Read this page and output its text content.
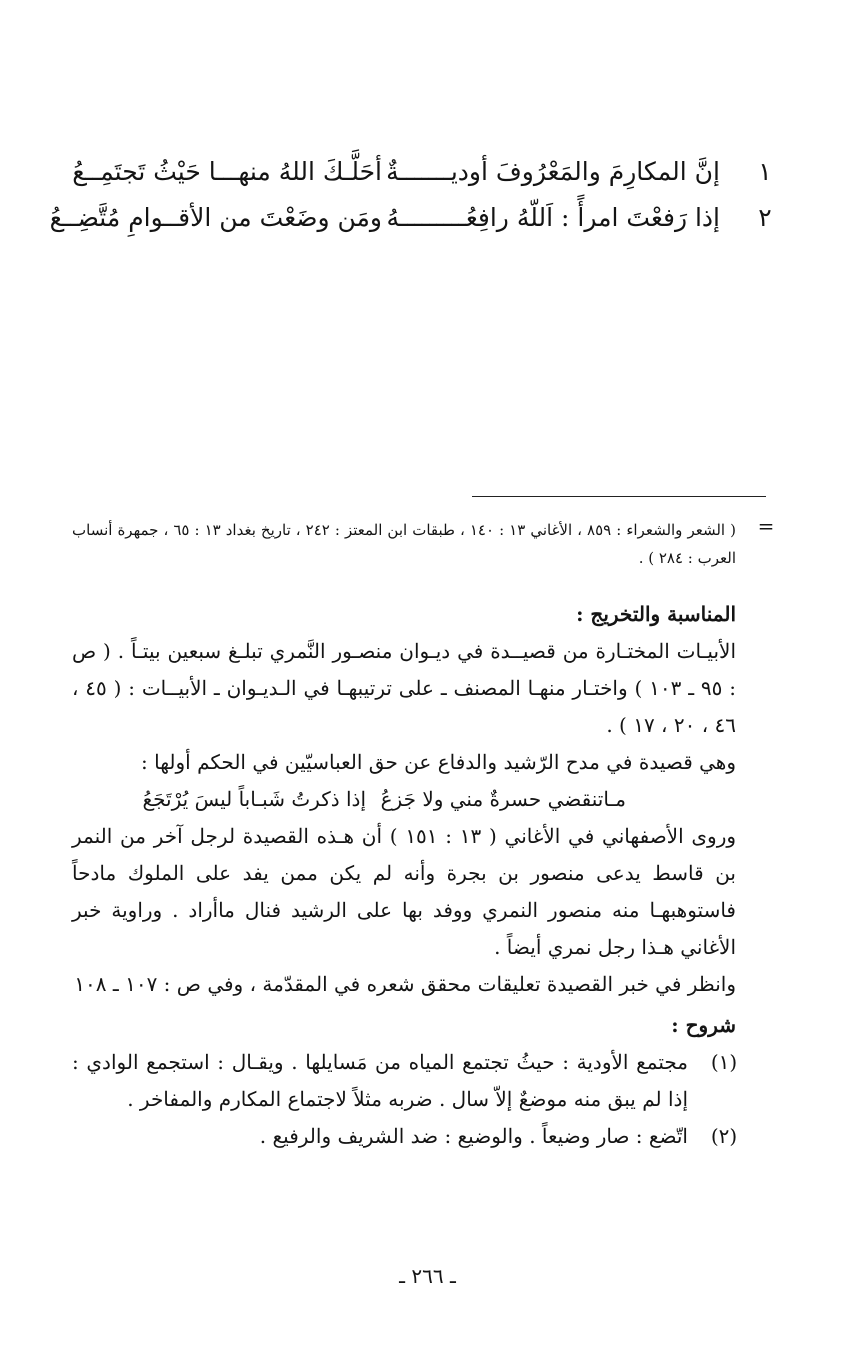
١
إنَّ المكارِمَ والمَعْرُوفَ أوديـــــــةٌ
أحَلَّـكَ اللهُ منهـــا حَيْثُ تَجتَمِــعُ
٢
إذا رَفعْتَ امرأً : اَللّهُ رافِعُـــــــــهُ
ومَن وضَعْتَ من الأقــوامِ مُتَّضِــعُ
=
( الشعر والشعراء : ٨٥٩ ، الأغاني ١٣ : ١٤٠ ، طبقات ابن المعتز : ٢٤٢ ، تاريخ بغداد ١٣ : ٦٥ ، جمهرة أنساب العرب : ٢٨٤ ) .

المناسبة والتخريج :

الأبيـات المختـارة من قصيــدة في ديـوان منصـور النَّمري تبلـغ سبعين بيتـاً . ( ص : ٩٥ ـ ١٠٣ ) واختـار منهـا المصنف ـ على ترتيبهـا في الـديـوان ـ الأبيــات : ( ٤٥ ، ٤٦ ، ٢٠ ، ١٧ ) .

وهي قصيدة في مدح الرّشيد والدفاع عن حق العباسيّين في الحكم أولها :

مـاتنقضي حسرةٌ مني ولا جَزعُ
إذا ذكرتُ شَبـاباً ليسَ يُرْتَجَعُ

وروى الأصفهاني في الأغاني ( ١٣ : ١٥١ ) أن هـذه القصيدة لرجل آخر من النمر بن قاسط يدعى منصور بن بجرة وأنه لم يكن ممن يفد على الملوك مادحاً فاستوهبهـا منه منصور النمري ووفد بها على الرشيد فنال ماأراد . وراوية خبر الأغاني هـذا رجل نمري أيضاً .

وانظر في خبر القصيدة تعليقات محقق شعره في المقدّمة ، وفي ص : ١٠٧ ـ ١٠٨

شروح :

(١)
مجتمع الأودية : حيثُ تجتمع المياه من مَسايلها . ويقـال : استجمع الوادي : إذا لم يبق منه موضعٌ إلاّ سال . ضربه مثلاً لاجتماع المكارم والمفاخر .
(٢)
اتّضع : صار وضيعاً . والوضيع : ضد الشريف والرفيع .
ـ ٢٦٦ ـ
